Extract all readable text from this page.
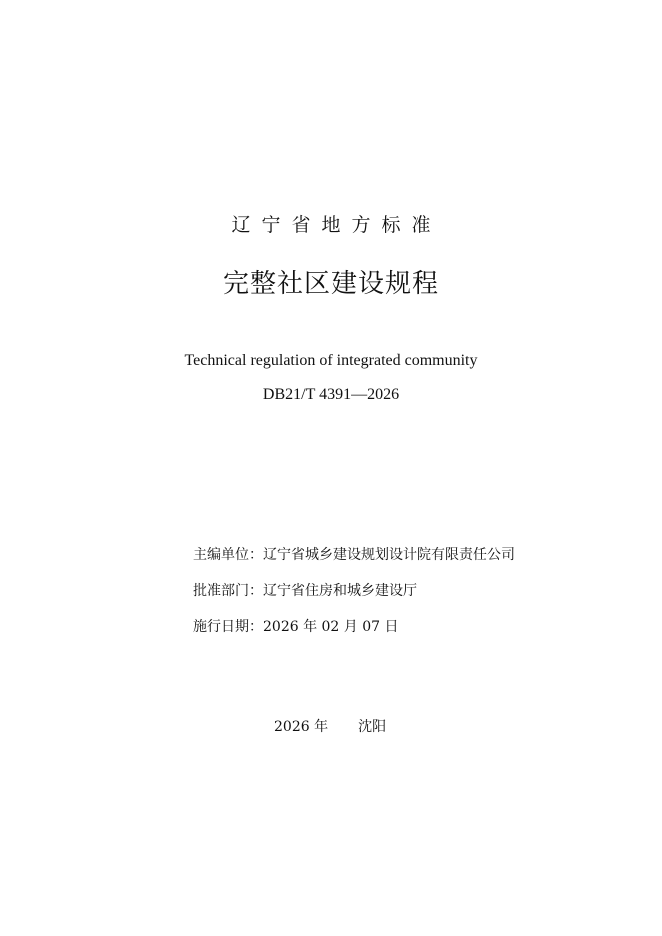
辽宁省地方标准
完整社区建设规程
Technical regulation of integrated community
DB21/T 4391—2026
主编单位：辽宁省城乡建设规划设计院有限责任公司
批准部门：辽宁省住房和城乡建设厅
施行日期：2026 年 02 月 07 日
2026 年 沈阳
